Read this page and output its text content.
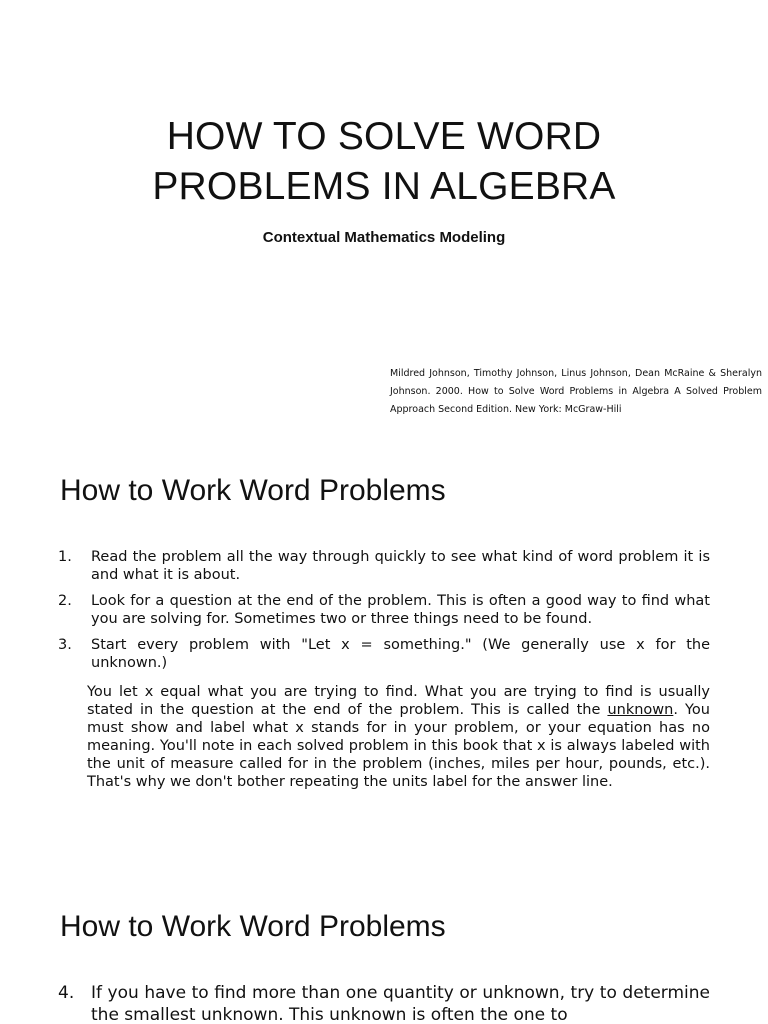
HOW TO SOLVE WORD
PROBLEMS IN ALGEBRA

Contextual Mathematics Modeling

Mildred Johnson, Timothy Johnson, Linus Johnson, Dean McRaine & Sheralyn Johnson. 2000. How to Solve Word Problems in Algebra A Solved Problem Approach Second Edition. New York: McGraw-Hili

How to Work Word Problems
1. Read the problem all the way through quickly to see what kind of word problem it is and what it is about.
2. Look for a question at the end of the problem. This is often a good way to find what you are solving for. Sometimes two or three things need to be found.
3. Start every problem with "Let x = something." (We generally use x for the unknown.)

You let x equal what you are trying to find. What you are trying to find is usually stated in the question at the end of the problem. This is called the unknown. You must show and label what x stands for in your problem, or your equation has no meaning. You'll note in each solved problem in this book that x is always labeled with the unit of measure called for in the problem (inches, miles per hour, pounds, etc.). That's why we don't bother repeating the units label for the answer line.

How to Work Word Problems
4. If you have to find more than one quantity or unknown, try to determine the smallest unknown. This unknown is often the one to
